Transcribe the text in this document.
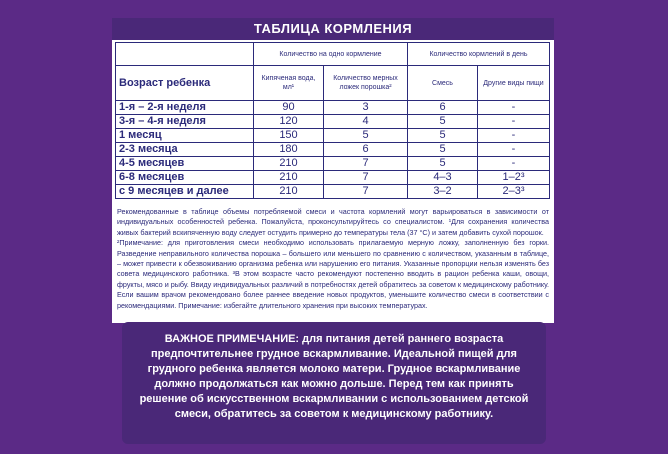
ТАБЛИЦА КОРМЛЕНИЯ
	Количество на одно кормление		Количество кормлений в день	
Возраст ребенка	Кипяченая вода, мл¹	Количество мерных ложек порошка²	Смесь	Другие виды пищи
1-я – 2-я неделя	90	3	6	-
3-я – 4-я неделя	120	4	5	-
1 месяц	150	5	5	-
2-3 месяца	180	6	5	-
4-5 месяцев	210	7	5	-
6-8 месяцев	210	7	4–3	1–2³
с 9 месяцев и далее	210	7	3–2	2–3³

Рекомендованные в таблице объемы потребляемой смеси и частота кормлений могут варьироваться в зависимости от индивидуальных особенностей ребенка. Пожалуйста, проконсультируйтесь со специалистом. ¹Для сохранения количества живых бактерий вскипяченную воду следует остудить примерно до температуры тела (37 °C) и затем добавить сухой порошок.

²Примечание: для приготовления смеси необходимо использовать прилагаемую мерную ложку, заполненную без горки. Разведение неправильного количества порошка – большего или меньшего по сравнению с количеством, указанным в таблице, – может привести к обезвоживанию организма ребенка или нарушению его питания. Указанные пропорции нельзя изменять без совета медицинского работника. ³В этом возрасте часто рекомендуют постепенно вводить в рацион ребенка каши, овощи, фрукты, мясо и рыбу. Ввиду индивидуальных различий в потребностях детей обратитесь за советом к медицинскому работнику. Если вашим врачом рекомендовано более раннее введение новых продуктов, уменьшите количество смеси в соответствии с рекомендациями. Примечание: избегайте длительного хранения при высоких температурах.

ВАЖНОЕ ПРИМЕЧАНИЕ: для питания детей раннего возраста предпочтительнее грудное вскармливание. Идеальной пищей для грудного ребенка является молоко матери. Грудное вскармливание должно продолжаться как можно дольше. Перед тем как принять решение об искусственном вскармливании с использованием детской смеси, обратитесь за советом к медицинскому работнику.
